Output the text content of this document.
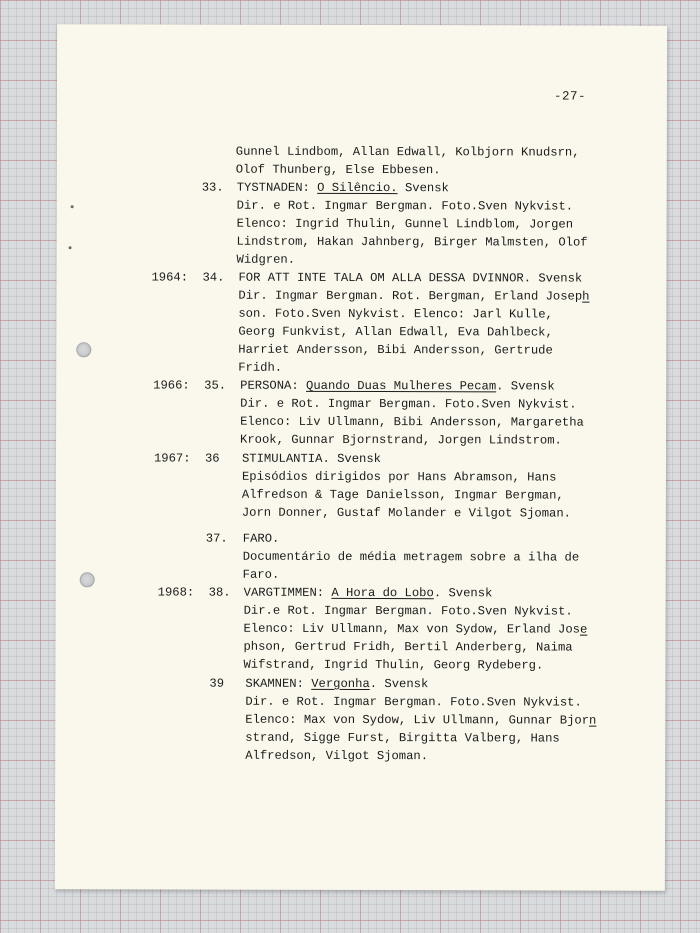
-27-
Gunnel Lindbom, Allan Edwall, Kolbjorn Knudsrn,
Olof Thunberg, Else Ebbesen.
33. TYSTNADEN: O Silêncio. Svensk
Dir. e Rot. Ingmar Bergman. Foto.Sven Nykvist.
Elenco: Ingrid Thulin, Gunnel Lindblom, Jorgen
Lindstrom, Hakan Jahnberg, Birger Malmsten, Olof
Widgren.
1964: 34. FOR ATT INTE TALA OM ALLA DESSA DVINNOR. Svensk
Dir. Ingmar Bergman. Rot. Bergman, Erland Joseph
son. Foto.Sven Nykvist. Elenco: Jarl Kulle,
Georg Funkvist, Allan Edwall, Eva Dahlbeck,
Harriet Andersson, Bibi Andersson, Gertrude
Fridh.
1966: 35. PERSONA: Quando Duas Mulheres Pecam. Svensk
Dir. e Rot. Ingmar Bergman. Foto.Sven Nykvist.
Elenco: Liv Ullmann, Bibi Andersson, Margaretha
Krook, Gunnar Bjornstrand, Jorgen Lindstrom.
1967: 36 STIMULANTIA. Svensk
Episódios dirigidos por Hans Abramson, Hans
Alfredson & Tage Danielsson, Ingmar Bergman,
Jorn Donner, Gustaf Molander e Vilgot Sjoman.
37. FARO.
Documentário de média metragem sobre a ilha de
Faro.
1968: 38. VARGTIMMEN: A Hora do Lobo. Svensk
Dir.e Rot. Ingmar Bergman. Foto.Sven Nykvist.
Elenco: Liv Ullmann, Max von Sydow, Erland Jose
phson, Gertrud Fridh, Bertil Anderberg, Naima
Wifstrand, Ingrid Thulin, Georg Rydeberg.
39 SKAMNEN: Vergonha. Svensk
Dir. e Rot. Ingmar Bergman. Foto.Sven Nykvist.
Elenco: Max von Sydow, Liv Ullmann, Gunnar Bjorn
strand, Sigge Furst, Birgitta Valberg, Hans
Alfredson, Vilgot Sjoman.
